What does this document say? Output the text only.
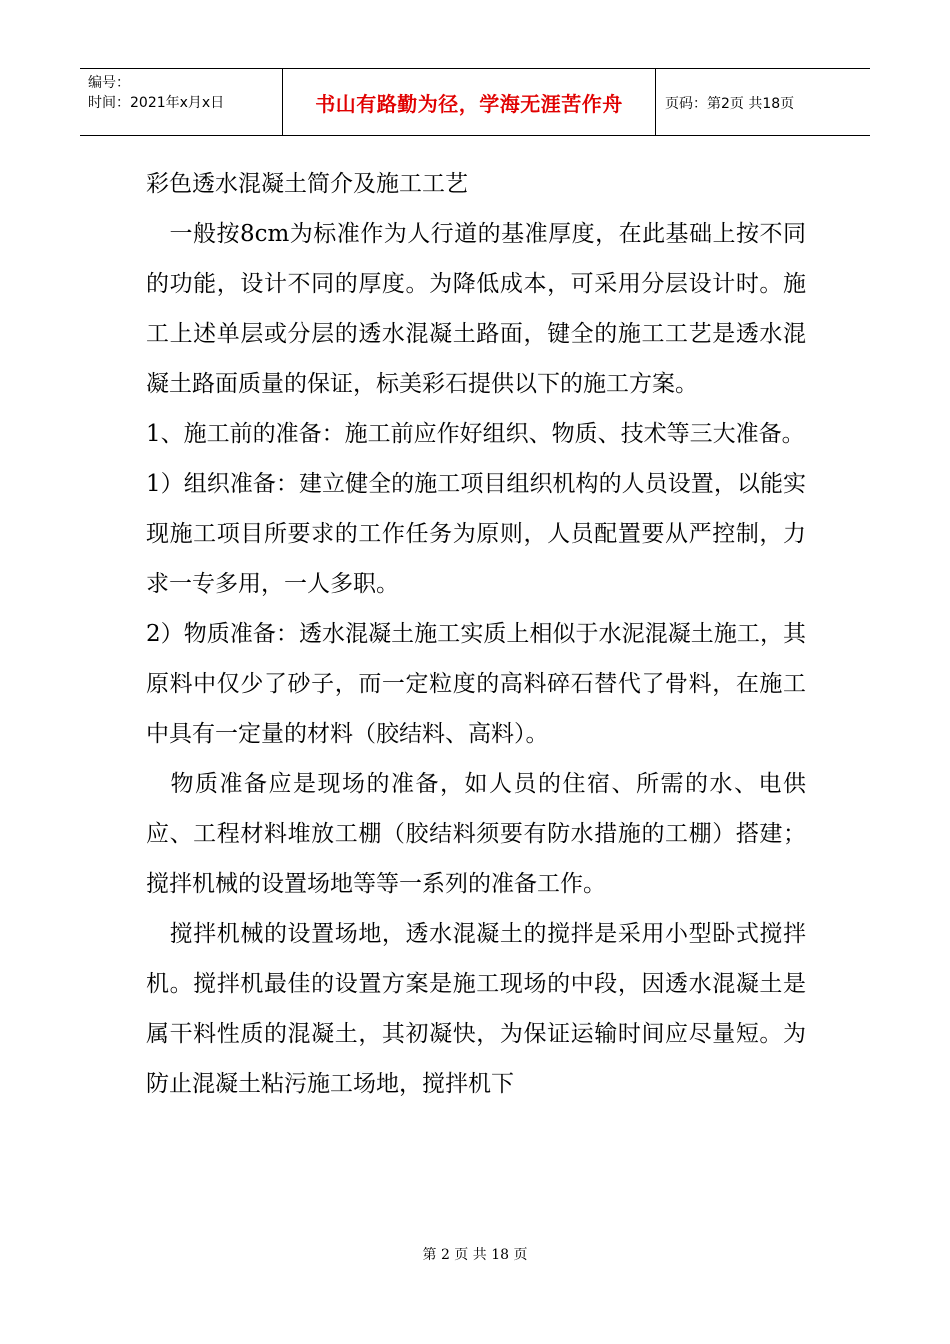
编号：
时间：2021年x月x日	书山有路勤为径，学海无涯苦作舟	页码：第2页 共18页

彩色透水混凝土简介及施工工艺

　一般按8cm为标准作为人行道的基准厚度，在此基础上按不同的功能，设计不同的厚度。为降低成本，可采用分层设计时。施工上述单层或分层的透水混凝土路面，键全的施工工艺是透水混凝土路面质量的保证，标美彩石提供以下的施工方案。

1、施工前的准备：施工前应作好组织、物质、技术等三大准备。

1）组织准备：建立健全的施工项目组织机构的人员设置，以能实现施工项目所要求的工作任务为原则，人员配置要从严控制，力求一专多用，一人多职。

2）物质准备：透水混凝土施工实质上相似于水泥混凝土施工，其原料中仅少了砂子，而一定粒度的高料碎石替代了骨料，在施工中具有一定量的材料（胶结料、高料）。

　物质准备应是现场的准备，如人员的住宿、所需的水、电供应、工程材料堆放工棚（胶结料须要有防水措施的工棚）搭建；搅拌机械的设置场地等等一系列的准备工作。

　搅拌机械的设置场地，透水混凝土的搅拌是采用小型卧式搅拌机。搅拌机最佳的设置方案是施工现场的中段，因透水混凝土是属干料性质的混凝土，其初凝快，为保证运输时间应尽量短。为防止混凝土粘污施工场地，搅拌机下

第 2 页 共 18 页
